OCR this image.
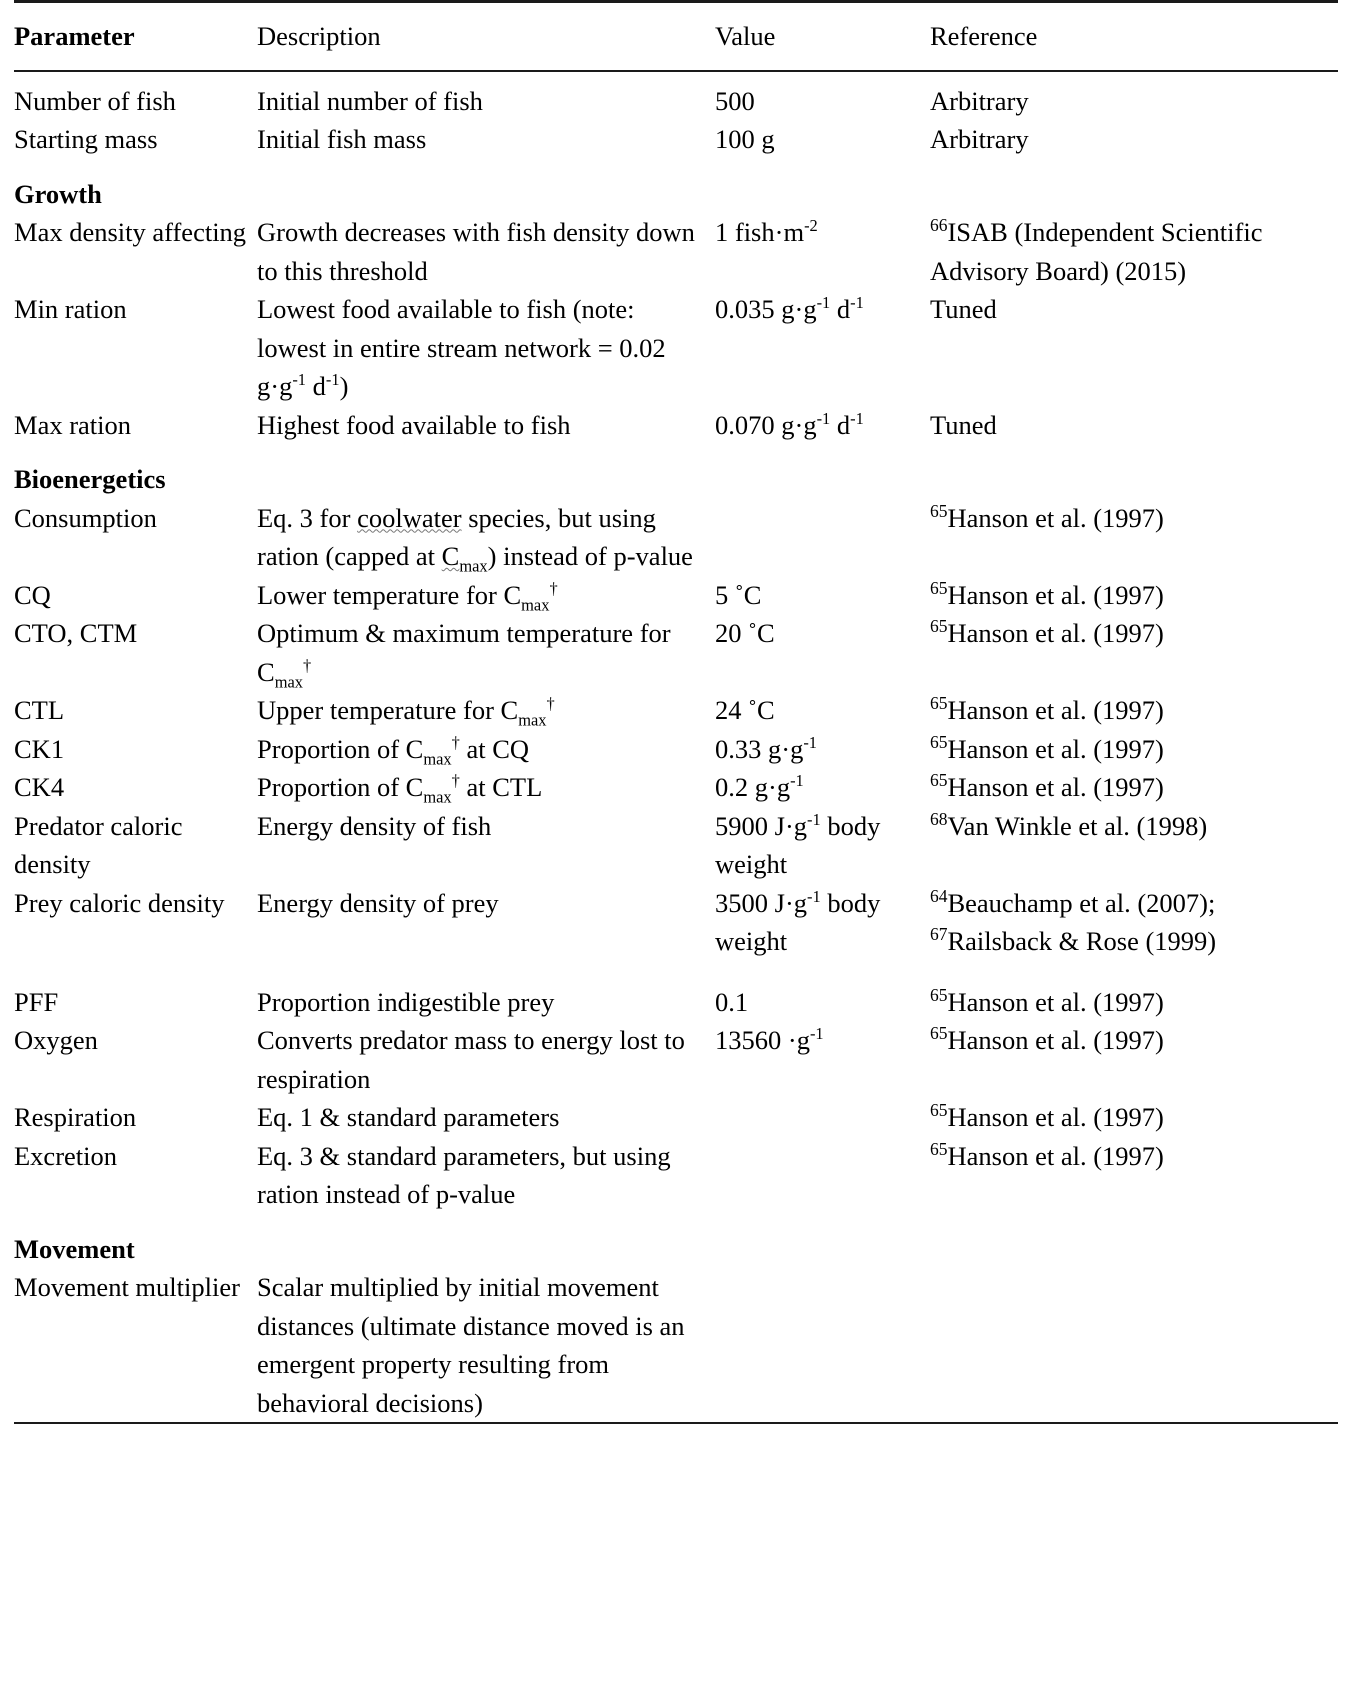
Parameter	Description	Value	Reference
Number of fish	Initial number of fish	500	Arbitrary
Starting mass	Initial fish mass	100 g	Arbitrary
Growth			
Max density affecting	Growth decreases with fish density down to this threshold	1 $fish\cdot m^{-2}$	$^{66}$ISAB (Independent Scientific Advisory Board) (2015)
Min ration	Lowest food available to fish (note: lowest in entire stream network = 0.02 $g\cdot g^{-1}$ $d^{-1}$)	0.035 $g\cdot g^{-1}$ $d^{-1}$	Tuned
Max ration	Highest food available to fish	0.070 $g\cdot g^{-1}$ $d^{-1}$	Tuned
Bioenergetics			
Consumption	Eq. 3 for coolwater species, but using ration (capped at $C_{max}$) instead of p-value		$^{65}$Hanson et al. (1997)
CQ	Lower temperature for $C_{max}^\dagger$	5 ˚C	$^{65}$Hanson et al. (1997)
CTO, CTM	Optimum & maximum temperature for $C_{max}^\dagger$	20 ˚C	$^{65}$Hanson et al. (1997)
CTL	Upper temperature for $C_{max}^\dagger$	24 ˚C	$^{65}$Hanson et al. (1997)
CK1	Proportion of $C_{max}^\dagger$ at CQ	0.33 $g\cdot g^{-1}$	$^{65}$Hanson et al. (1997)
CK4	Proportion of $C_{max}^\dagger$ at CTL	0.2 $g\cdot g^{-1}$	$^{65}$Hanson et al. (1997)
Predator caloric density	Energy density of fish	5900 $J\cdot g^{-1}$ body weight	$^{68}$Van Winkle et al. (1998)
Prey caloric density	Energy density of prey	3500 $J\cdot g^{-1}$ body weight	$^{64}$Beauchamp et al. (2007); $^{67}$Railsback & Rose (1999)

PFF	Proportion indigestible prey	0.1	$^{65}$Hanson et al. (1997)
Oxygen	Converts predator mass to energy lost to respiration	$13560 \cdot g^{-1}$	$^{65}$Hanson et al. (1997)
Respiration	Eq. 1 & standard parameters		$^{65}$Hanson et al. (1997)
Excretion	Eq. 3 & standard parameters, but using ration instead of p-value		$^{65}$Hanson et al. (1997)
Movement			
Movement multiplier	Scalar multiplied by initial movement distances (ultimate distance moved is an emergent property resulting from behavioral decisions)		
